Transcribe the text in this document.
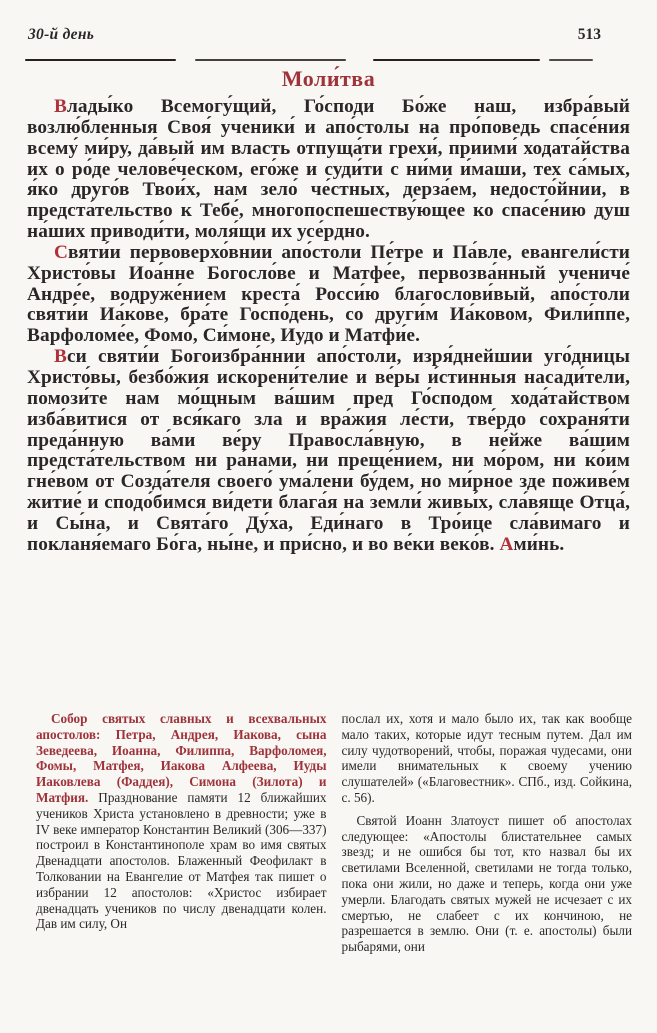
30-й день	513
Моли́тва

Влады́ко Всемогу́щий, Го́споди Бо́же наш, избра́вый возлю́бленныя Своя́ ученики́ и апо́столы на про́поведь спасе́ния всему́ ми́ру, да́вый им власть отпуща́ти грехи́, приими́ ходата́йства их о ро́де челове́ческом, его́же и суди́ти с ни́ми и́маши, тех са́мых, я́ко друго́в Твои́х, нам зело́ че́стных, дерза́ем, недосто́йнии, в предста́тельство к Тебе́, многопоспешеству́ющее ко спасе́нию душ на́ших приводи́ти, моля́щи их усе́рдно.

Святи́и первоверхо́внии апо́столи Пе́тре и Па́вле, евангели́сти Христо́вы Иоа́нне Богосло́ве и Матфе́е, первозва́нный учениче́ Андре́е, водруже́нием креста́ Росси́ю благослови́вый, апо́столи святи́и Иа́кове, бра́те Госпо́день, со други́м Иа́ковом, Фили́ппе, Варфоломе́е, Фомо́, Си́моне, Иудо и Матфи́е.

Вси святи́и Богоизбра́ннии апо́столи, изря́днейшии уго́дницы Христо́вы, безбо́жия искорени́телие и ве́ры и́стинныя насади́тели, помози́те нам мо́щным ва́шим пред Го́сподом хода́тайством изба́витися от вся́каго зла и вра́жия ле́сти, тве́рдо сохраня́ти преда́нную ва́ми ве́ру Правосла́вную, в не́йже ва́шим предста́тельством ни ра́нами, ни преще́нием, ни мо́ром, ни ко́им гне́вом от Созда́теля своего́ ума́лени бу́дем, но ми́рное зде поживе́м житие́ и сподо́бимся ви́дети блага́я на земли́ живы́х, сла́вяще Отца́, и Сы́на, и Свята́го Ду́ха, Еди́наго в Тро́ице сла́вимаго и покланя́емаго Бо́га, ны́не, и при́сно, и во ве́ки веко́в. Ами́нь.

Собор святых славных и всехвальных апостолов: Петра, Андрея, Иакова, сына Зеведеева, Иоанна, Филиппа, Варфоломея, Фомы, Матфея, Иакова Алфеева, Иуды Иаковлева (Фаддея), Симона (Зилота) и Матфия. Празднование памяти 12 ближайших учеников Христа установлено в древности; уже в IV веке император Константин Великий (306—337) построил в Константинополе храм во имя святых Двенадцати апостолов. Блаженный Феофилакт в Толковании на Евангелие от Матфея так пишет о избрании 12 апостолов: «Христос избирает двенадцать учеников по числу двенадцати колен. Дав им силу, Он

послал их, хотя и мало было их, так как вообще мало таких, которые идут тесным путем. Дал им силу чудотворений, чтобы, поражая чудесами, они имели внимательных к своему учению слушателей» («Благовестник». СПб., изд. Сойкина, с. 56).

Святой Иоанн Златоуст пишет об апостолах следующее: «Апостолы блистательнее самых звезд; и не ошибся бы тот, кто назвал бы их светилами Вселенной, светилами не тогда только, пока они жили, но даже и теперь, когда они уже умерли. Благодать святых мужей не исчезает с их смертью, не слабеет с их кончиною, не разрешается в землю. Они (т. е. апостолы) были рыбарями, они
